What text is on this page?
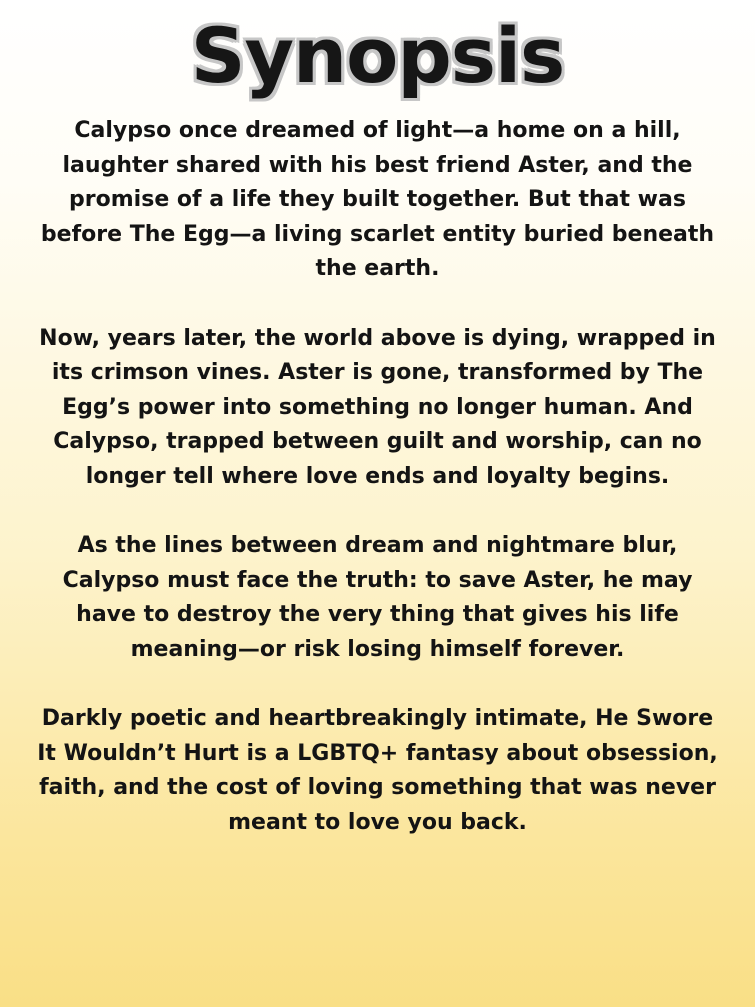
Synopsis

Calypso once dreamed of light—a home on a hill, laughter shared with his best friend Aster, and the promise of a life they built together. But that was before The Egg—a living scarlet entity buried beneath the earth.

Now, years later, the world above is dying, wrapped in its crimson vines. Aster is gone, transformed by The Egg’s power into something no longer human. And Calypso, trapped between guilt and worship, can no longer tell where love ends and loyalty begins.

As the lines between dream and nightmare blur, Calypso must face the truth: to save Aster, he may have to destroy the very thing that gives his life meaning—or risk losing himself forever.

Darkly poetic and heartbreakingly intimate, He Swore It Wouldn’t Hurt is a LGBTQ+ fantasy about obsession, faith, and the cost of loving something that was never meant to love you back.
